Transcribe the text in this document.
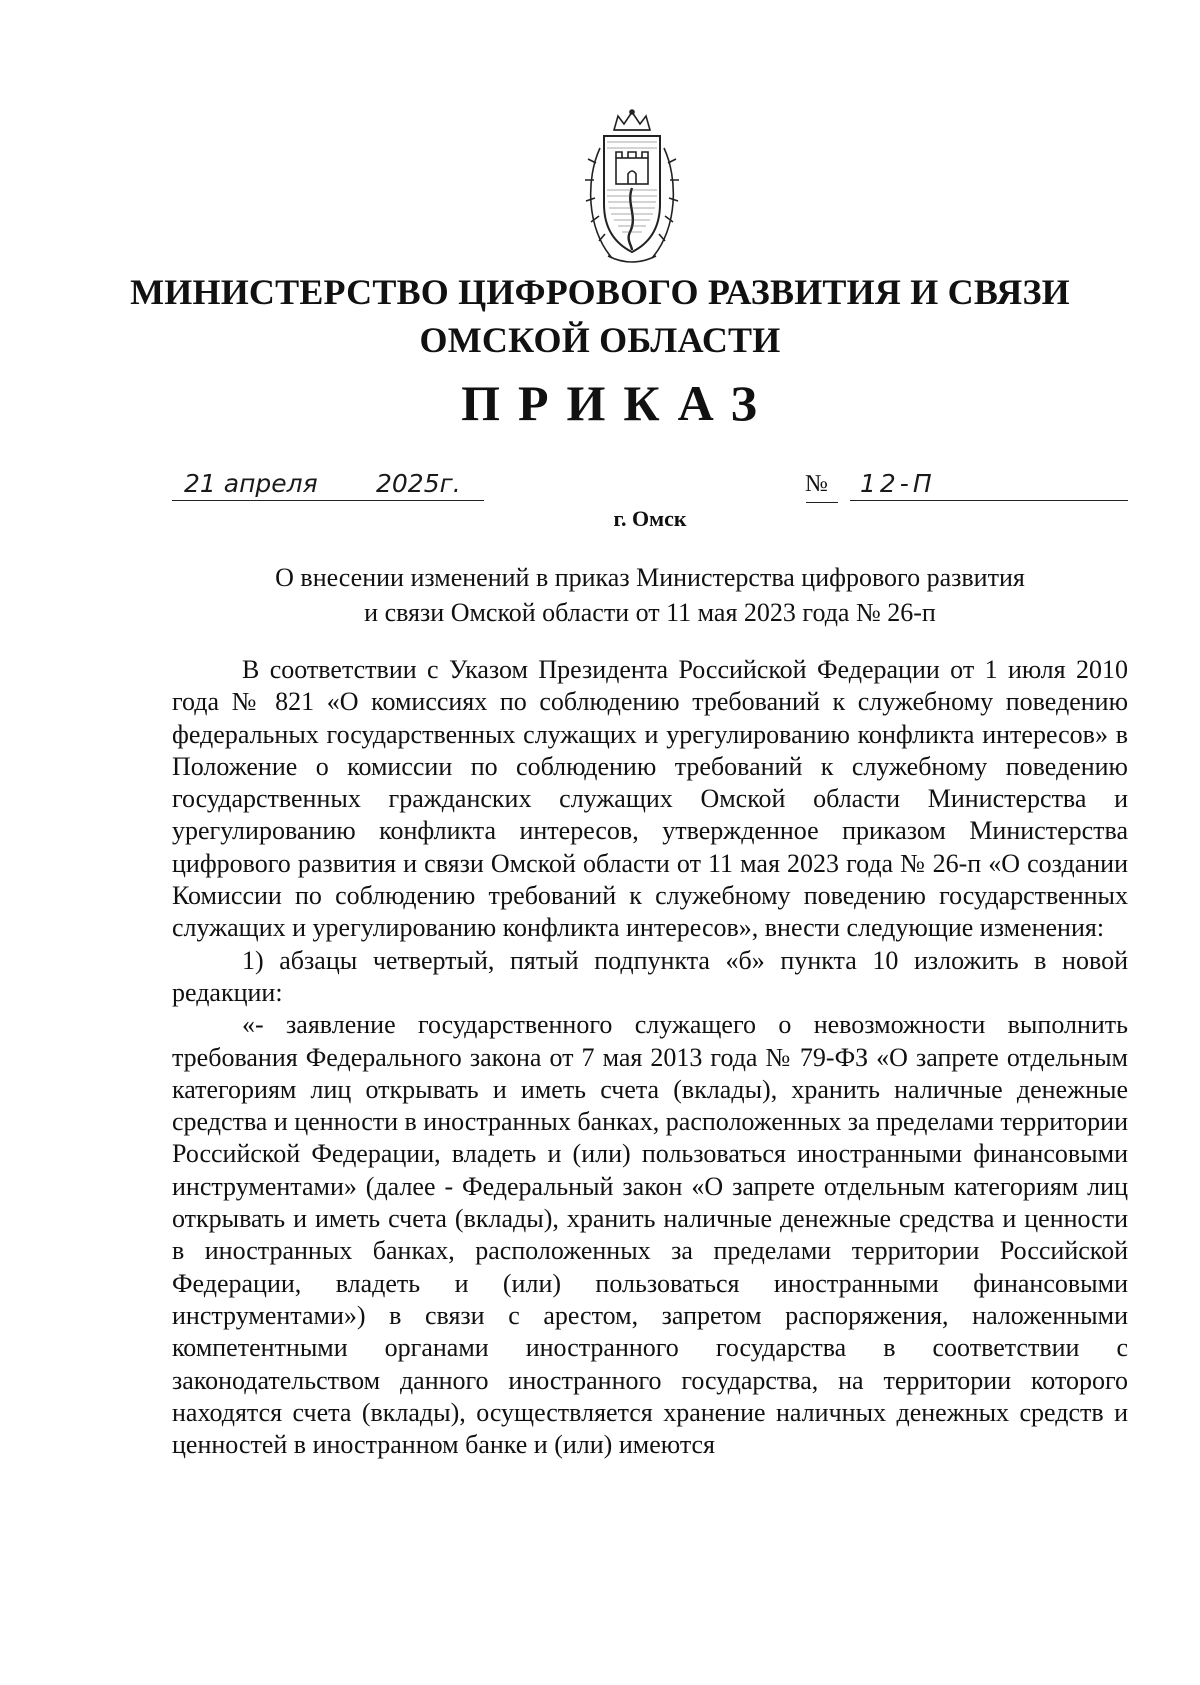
МИНИСТЕРСТВО ЦИФРОВОГО РАЗВИТИЯ И СВЯЗИ
ОМСКОЙ ОБЛАСТИ
ПРИКАЗ
21 апреля 2025г.	№ 12-П
г. Омск
О внесении изменений в приказ Министерства цифрового развития
и связи Омской области от 11 мая 2023 года № 26-п

В соответствии с Указом Президента Российской Федерации от 1 июля 2010 года № 821 «О комиссиях по соблюдению требований к служебному поведению федеральных государственных служащих и урегулированию конфликта интересов» в Положение о комиссии по соблюдению требований к служебному поведению государственных гражданских служащих Омской области Министерства и урегулированию конфликта интересов, утвержденное приказом Министерства цифрового развития и связи Омской области от 11 мая 2023 года № 26-п «О создании Комиссии по соблюдению требований к служебному поведению государственных служащих и урегулированию конфликта интересов», внести следующие изменения:

1) абзацы четвертый, пятый подпункта «б» пункта 10 изложить в новой редакции:

«- заявление государственного служащего о невозможности выполнить требования Федерального закона от 7 мая 2013 года № 79-ФЗ «О запрете отдельным категориям лиц открывать и иметь счета (вклады), хранить наличные денежные средства и ценности в иностранных банках, расположенных за пределами территории Российской Федерации, владеть и (или) пользоваться иностранными финансовыми инструментами» (далее - Федеральный закон «О запрете отдельным категориям лиц открывать и иметь счета (вклады), хранить наличные денежные средства и ценности в иностранных банках, расположенных за пределами территории Российской Федерации, владеть и (или) пользоваться иностранными финансовыми инструментами») в связи с арестом, запретом распоряжения, наложенными компетентными органами иностранного государства в соответствии с законодательством данного иностранного государства, на территории которого находятся счета (вклады), осуществляется хранение наличных денежных средств и ценностей в иностранном банке и (или) имеются
